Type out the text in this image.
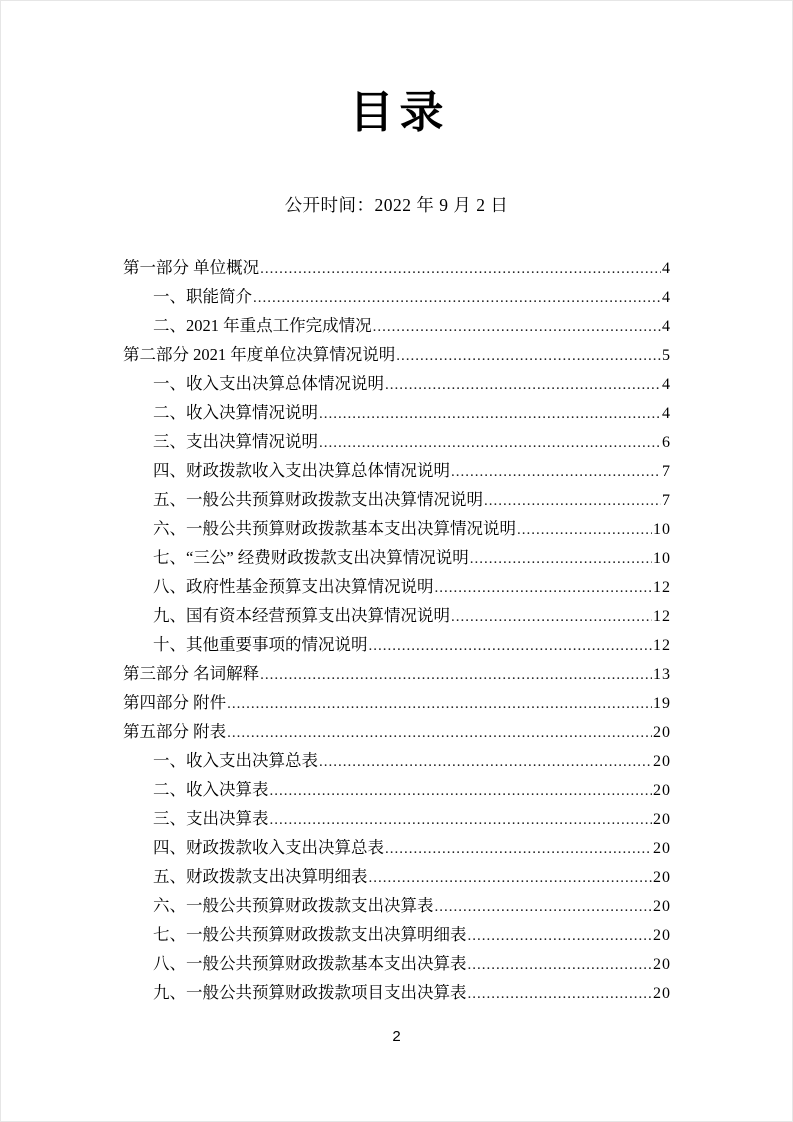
目录
公开时间：2022 年 9 月 2 日
第一部分 单位概况 .....	4
一、职能简介 .....	4
二、2021 年重点工作完成情况 .....	4
第二部分 2021 年度单位决算情况说明 .....	5
一、收入支出决算总体情况说明 .....	4
二、收入决算情况说明 .....	4
三、支出决算情况说明 .....	6
四、财政拨款收入支出决算总体情况说明 .....	7
五、一般公共预算财政拨款支出决算情况说明 .....	7
六、一般公共预算财政拨款基本支出决算情况说明 .....	10
七、“三公” 经费财政拨款支出决算情况说明 .....	10
八、政府性基金预算支出决算情况说明 .....	12
九、国有资本经营预算支出决算情况说明 .....	12
十、其他重要事项的情况说明 .....	12
第三部分 名词解释 .....	13
第四部分 附件 .....	19
第五部分 附表 .....	20
一、收入支出决算总表 .....	20
二、收入决算表 .....	20
三、支出决算表 .....	20
四、财政拨款收入支出决算总表 .....	20
五、财政拨款支出决算明细表 .....	20
六、一般公共预算财政拨款支出决算表 .....	20
七、一般公共预算财政拨款支出决算明细表 .....	20
八、一般公共预算财政拨款基本支出决算表 .....	20
九、一般公共预算财政拨款项目支出决算表 .....	20
2
